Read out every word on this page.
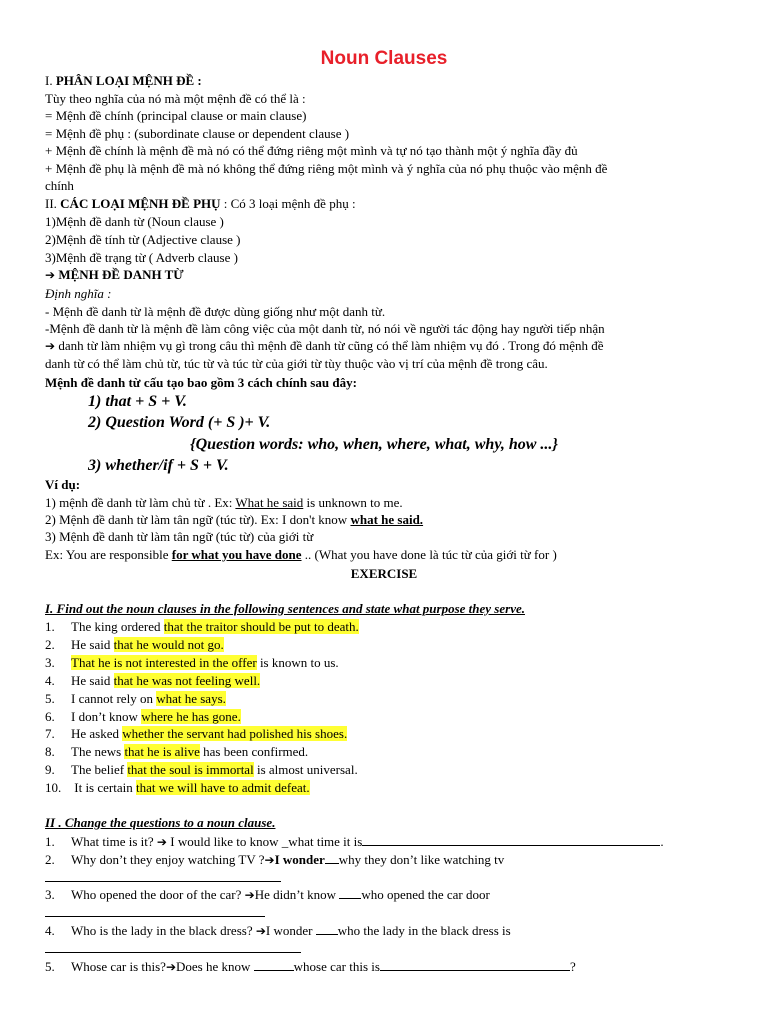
Noun Clauses
I. PHÂN LOẠI MỆNH ĐỀ :
Tùy theo nghĩa của nó mà một mệnh đề có thể là :
= Mệnh đề chính (principal clause or main clause)
= Mệnh đề phụ : (subordinate clause or dependent clause )
+ Mệnh đề chính là mệnh đề mà nó có thể đứng riêng một mình và tự nó tạo thành một ý nghĩa đầy đủ
+ Mệnh đề phụ là mệnh đề mà nó không thể đứng riêng một mình và ý nghĩa của nó phụ thuộc vào mệnh đề
chính
II. CÁC LOẠI MỆNH ĐỀ PHỤ : Có 3 loại mệnh đề phụ :
1)Mệnh đề danh từ (Noun clause )
2)Mệnh đề tính từ (Adjective clause )
3)Mệnh đề trạng từ ( Adverb clause )
➔ MỆNH ĐỀ DANH TỪ
Định nghĩa :
- Mệnh đề danh từ là mệnh đề được dùng giống như một danh từ.
-Mệnh đề danh từ là mệnh đề làm công việc của một danh từ, nó nói về người tác động hay người tiếp nhận
➔ danh từ làm nhiệm vụ gì trong câu thì mệnh đề danh từ cũng có thể làm nhiệm vụ đó . Trong đó mệnh đề
danh từ có thể làm chủ từ, túc từ và túc từ của giới từ tùy thuộc vào vị trí của mệnh đề trong câu.
Mệnh đề danh từ cấu tạo bao gồm 3 cách chính sau đây:
1) that + S + V.
2) Question Word (+ S )+ V.
{Question words: who, when, where, what, why, how ...}
3) whether/if + S + V.
Ví dụ:
1) mệnh đề danh từ làm chủ từ . Ex: What he said is unknown to me.
2) Mệnh đề danh từ làm tân ngữ (túc từ). Ex: I don't know what he said.
3) Mệnh đề danh từ làm tân ngữ (túc từ) của giới từ
Ex: You are responsible for what you have done .. (What you have done là túc từ của giới từ for )
EXERCISE
I. Find out the noun clauses in the following sentences and state what purpose they serve.
1. The king ordered that the traitor should be put to death.
2. He said that he would not go.
3. That he is not interested in the offer is known to us.
4. He said that he was not feeling well.
5. I cannot rely on what he says.
6. I don’t know where he has gone.
7. He asked whether the servant had polished his shoes.
8. The news that he is alive has been confirmed.
9. The belief that the soul is immortal is almost universal.
10. It is certain that we will have to admit defeat.
II . Change the questions to a noun clause.
1. What time is it? ➔ I would like to know _what time it is	.
2. Why don’t they enjoy watching TV ?➔I wonder why they don’t like watching tv
3. Who opened the door of the car? ➔He didn’t know who opened the car door
4. Who is the lady in the black dress? ➔I wonder who the lady in the black dress is
5. Whose car is this?➔Does he know	whose car this is	?
